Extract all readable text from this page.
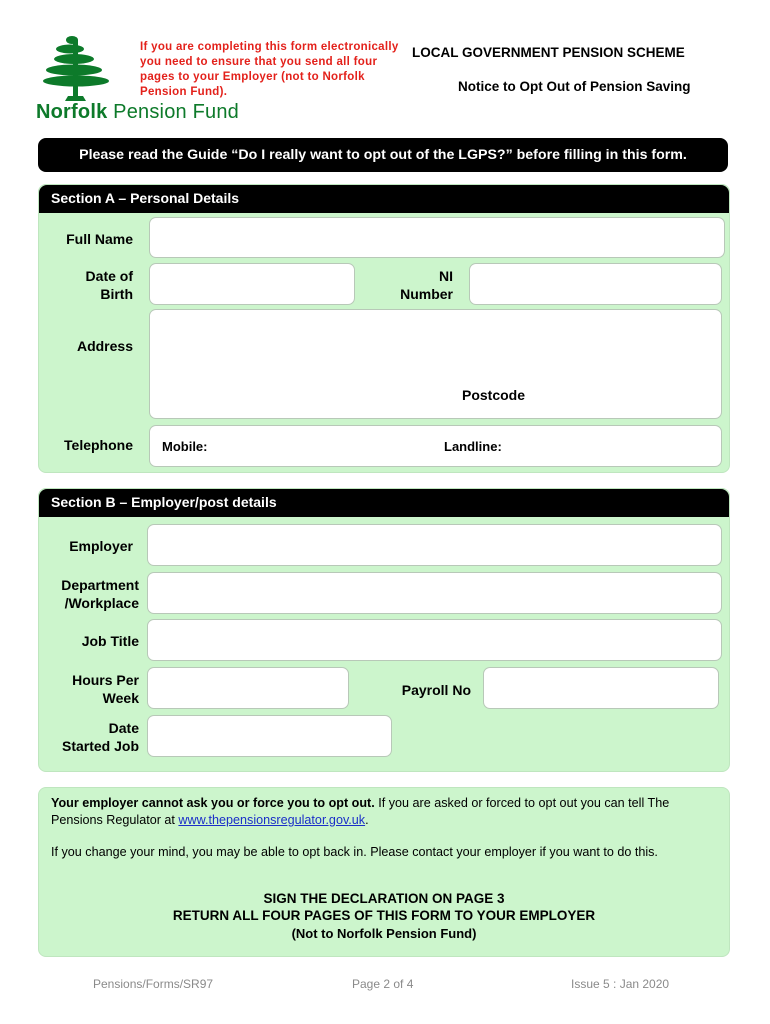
Norfolk Pension Fund
If you are completing this form electronically you need to ensure that you send all four pages to your Employer (not to Norfolk Pension Fund).
LOCAL GOVERNMENT PENSION SCHEME
Notice to Opt Out of Pension Saving
Please read the Guide “Do I really want to opt out of the LGPS?” before filling in this form.
Section A – Personal Details
Full Name
Date of
Birth
NI
Number
Address
Postcode
Telephone Mobile:	Landline:
Section B – Employer/post details
Employer
Department
/Workplace
Job Title
Hours Per
Week	Payroll No
Date
Started Job

Your employer cannot ask you or force you to opt out. If you are asked or forced to opt out you can tell The Pensions Regulator at www.thepensionsregulator.gov.uk.

If you change your mind, you may be able to opt back in. Please contact your employer if you want to do this.

SIGN THE DECLARATION ON PAGE 3
RETURN ALL FOUR PAGES OF THIS FORM TO YOUR EMPLOYER
(Not to Norfolk Pension Fund)
Pensions/Forms/SR97	Page 2 of 4	Issue 5 : Jan 2020
